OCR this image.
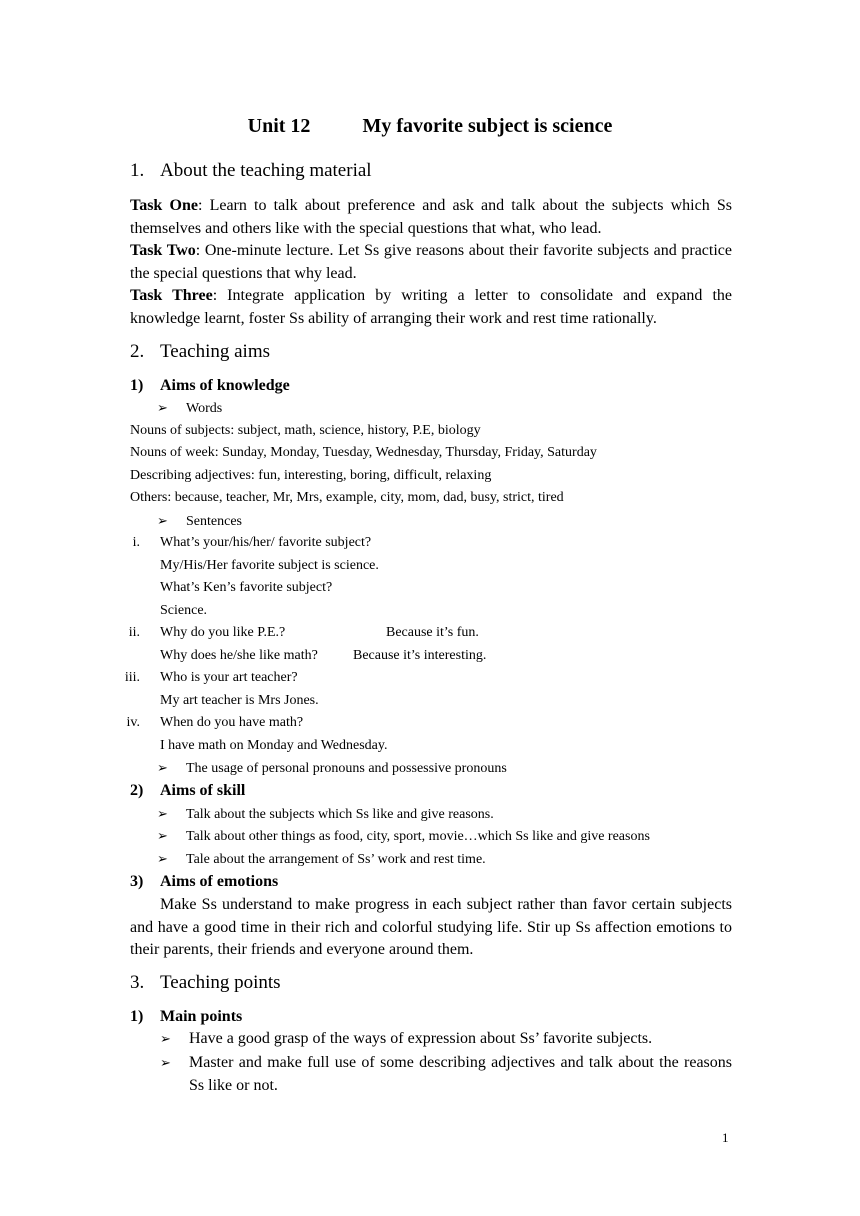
Unit 12	My favorite subject is science
1. About the teaching material
Task One: Learn to talk about preference and ask and talk about the subjects which Ss themselves and others like with the special questions that what, who lead.
Task Two: One-minute lecture. Let Ss give reasons about their favorite subjects and practice the special questions that why lead.
Task Three: Integrate application by writing a letter to consolidate and expand the knowledge learnt, foster Ss ability of arranging their work and rest time rationally.
2. Teaching aims
1) Aims of knowledge
➢ Words
Nouns of subjects: subject, math, science, history, P.E, biology
Nouns of week: Sunday, Monday, Tuesday, Wednesday, Thursday, Friday, Saturday
Describing adjectives: fun, interesting, boring, difficult, relaxing
Others: because, teacher, Mr, Mrs, example, city, mom, dad, busy, strict, tired
➢ Sentences
i. What’s your/his/her/ favorite subject?
My/His/Her favorite subject is science.
What’s Ken’s favorite subject?
Science.
ii. Why do you like P.E.?	Because it’s fun.
Why does he/she like math?	Because it’s interesting.
iii. Who is your art teacher?
My art teacher is Mrs Jones.
iv. When do you have math?
I have math on Monday and Wednesday.
➢ The usage of personal pronouns and possessive pronouns
2) Aims of skill
➢ Talk about the subjects which Ss like and give reasons.
➢ Talk about other things as food, city, sport, movie…which Ss like and give reasons
➢ Tale about the arrangement of Ss’ work and rest time.
3) Aims of emotions
Make Ss understand to make progress in each subject rather than favor certain subjects and have a good time in their rich and colorful studying life. Stir up Ss affection emotions to their parents, their friends and everyone around them.
3. Teaching points
1) Main points
➢ Have a good grasp of the ways of expression about Ss’ favorite subjects.
➢	Master and make full use of some describing adjectives and talk about the reasons Ss like or not.
1
